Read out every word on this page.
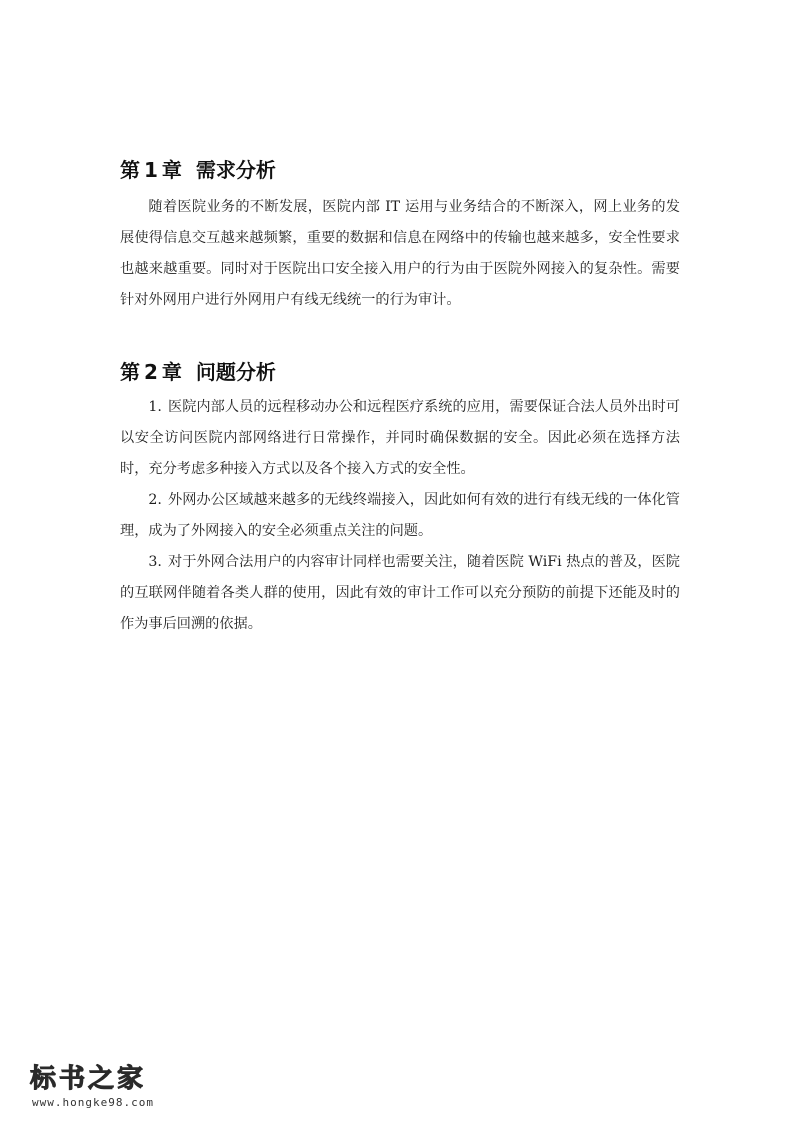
第 1 章 需求分析

随着医院业务的不断发展，医院内部 IT 运用与业务结合的不断深入，网上业务的发展使得信息交互越来越频繁，重要的数据和信息在网络中的传输也越来越多，安全性要求也越来越重要。同时对于医院出口安全接入用户的行为由于医院外网接入的复杂性。需要针对外网用户进行外网用户有线无线统一的行为审计。

第 2 章 问题分析

1. 医院内部人员的远程移动办公和远程医疗系统的应用，需要保证合法人员外出时可以安全访问医院内部网络进行日常操作，并同时确保数据的安全。因此必须在选择方法时，充分考虑多种接入方式以及各个接入方式的安全性。

2. 外网办公区域越来越多的无线终端接入，因此如何有效的进行有线无线的一体化管理，成为了外网接入的安全必须重点关注的问题。

3. 对于外网合法用户的内容审计同样也需要关注，随着医院 WiFi 热点的普及，医院的互联网伴随着各类人群的使用，因此有效的审计工作可以充分预防的前提下还能及时的作为事后回溯的依据。

标书之家
www.hongke98.com
